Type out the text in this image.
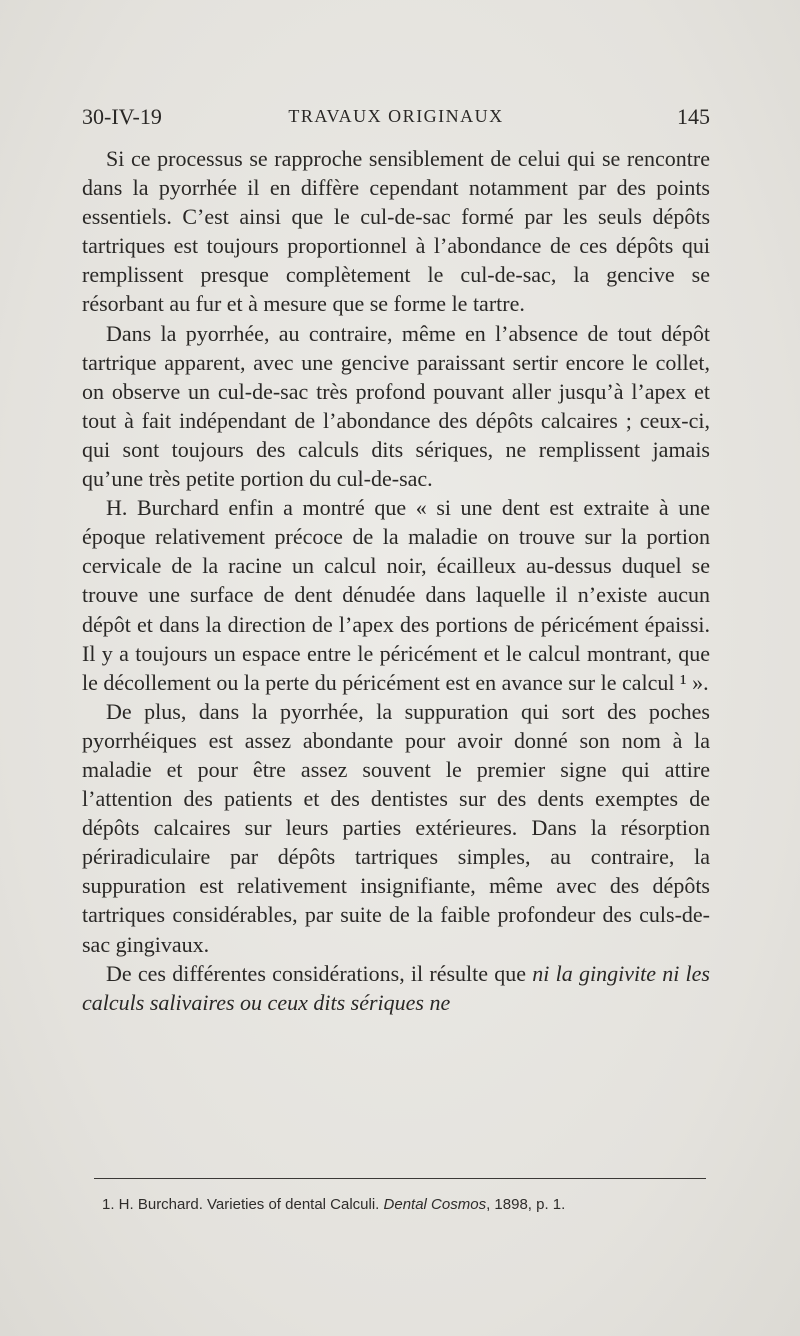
30-IV-19	TRAVAUX ORIGINAUX	145

Si ce processus se rapproche sensiblement de celui qui se rencontre dans la pyorrhée il en diffère cependant notamment par des points essentiels. C’est ainsi que le cul-de-sac formé par les seuls dépôts tartriques est toujours proportionnel à l’abondance de ces dépôts qui remplissent presque complètement le cul-de-sac, la gencive se résorbant au fur et à mesure que se forme le tartre.

Dans la pyorrhée, au contraire, même en l’absence de tout dépôt tartrique apparent, avec une gencive paraissant sertir encore le collet, on observe un cul-de-sac très profond pouvant aller jusqu’à l’apex et tout à fait indépendant de l’abondance des dépôts calcaires ; ceux-ci, qui sont toujours des calculs dits sériques, ne remplissent jamais qu’une très petite portion du cul-de-sac.

H. Burchard enfin a montré que « si une dent est extraite à une époque relativement précoce de la maladie on trouve sur la portion cervicale de la racine un calcul noir, écailleux au-dessus duquel se trouve une surface de dent dénudée dans laquelle il n’existe aucun dépôt et dans la direction de l’apex des portions de péricément épaissi. Il y a toujours un espace entre le péricément et le calcul montrant, que le décollement ou la perte du péricément est en avance sur le calcul ¹ ».

De plus, dans la pyorrhée, la suppuration qui sort des poches pyorrhéiques est assez abondante pour avoir donné son nom à la maladie et pour être assez souvent le premier signe qui attire l’attention des patients et des dentistes sur des dents exemptes de dépôts calcaires sur leurs parties extérieures. Dans la résorption périradiculaire par dépôts tartriques simples, au contraire, la suppuration est relativement insignifiante, même avec des dépôts tartriques considérables, par suite de la faible profondeur des culs-de-sac gingivaux.

De ces différentes considérations, il résulte que ni la gingivite ni les calculs salivaires ou ceux dits sériques ne

1. H. Burchard. Varieties of dental Calculi. Dental Cosmos, 1898, p. 1.
